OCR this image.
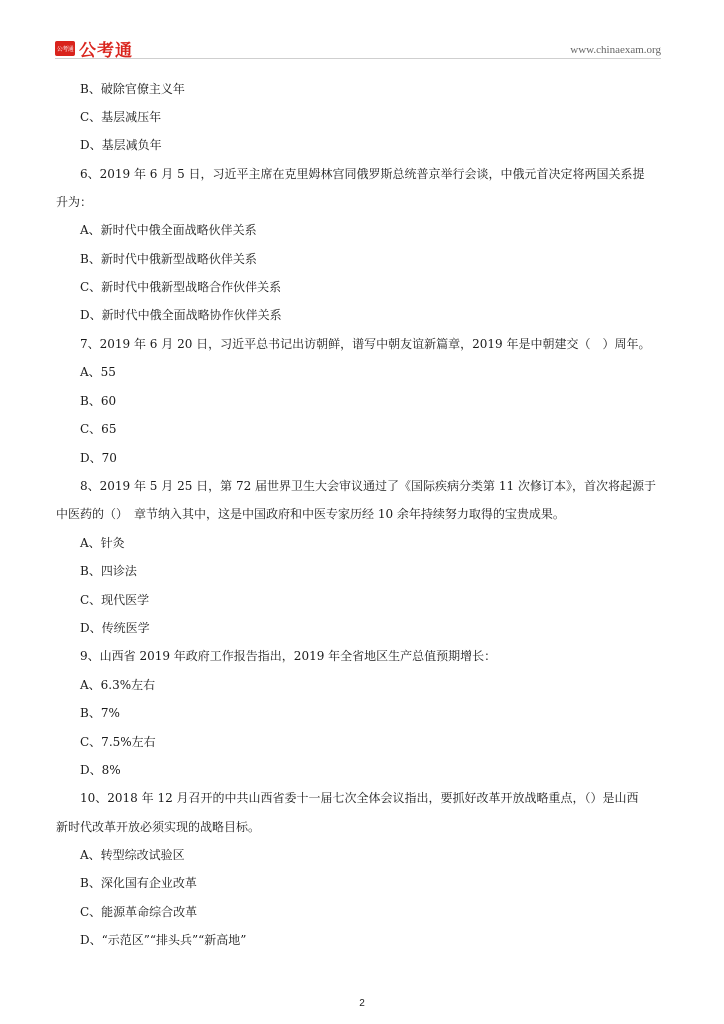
公考通 公考通	www.chinaexam.org
B、破除官僚主义年
C、基层减压年
D、基层减负年
6、2019 年 6 月 5 日，习近平主席在克里姆林宫同俄罗斯总统普京举行会谈，中俄元首决定将两国关系提
升为：
A、新时代中俄全面战略伙伴关系
B、新时代中俄新型战略伙伴关系
C、新时代中俄新型战略合作伙伴关系
D、新时代中俄全面战略协作伙伴关系
7、2019 年 6 月 20 日，习近平总书记出访朝鲜，谱写中朝友谊新篇章，2019 年是中朝建交（　）周年。
A、55
B、60
C、65
D、70
8、2019 年 5 月 25 日，第 72 届世界卫生大会审议通过了《国际疾病分类第 11 次修订本》，首次将起源于
中医药的（）　章节纳入其中，这是中国政府和中医专家历经 10 余年持续努力取得的宝贵成果。
A、针灸
B、四诊法
C、现代医学
D、传统医学
9、山西省 2019 年政府工作报告指出，2019 年全省地区生产总值预期增长：
A、6.3%左右
B、7%
C、7.5%左右
D、8%
10、2018 年 12 月召开的中共山西省委十一届七次全体会议指出，要抓好改革开放战略重点，（）是山西
新时代改革开放必须实现的战略目标。
A、转型综改试验区
B、深化国有企业改革
C、能源革命综合改革
D、“示范区”“排头兵”“新高地”
2
